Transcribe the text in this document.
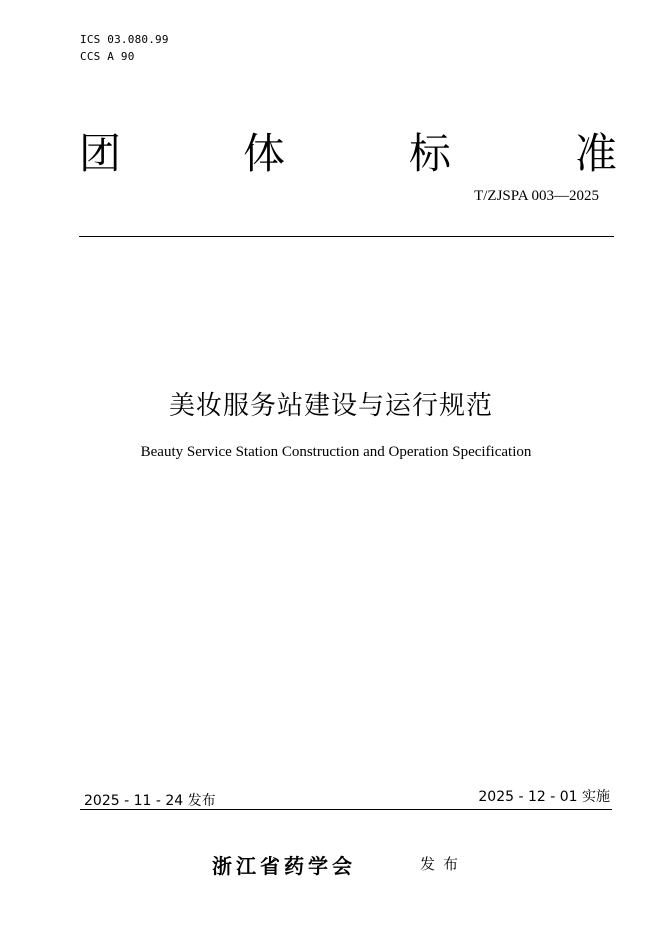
ICS 03.080.99
CCS A 90
团	体	标	准
T/ZJSPA 003—2025
美妆服务站建设与运行规范
Beauty Service Station Construction and Operation Specification
2025 - 11 - 24 发布	2025 - 12 - 01 实施
浙江省药学会	发布
